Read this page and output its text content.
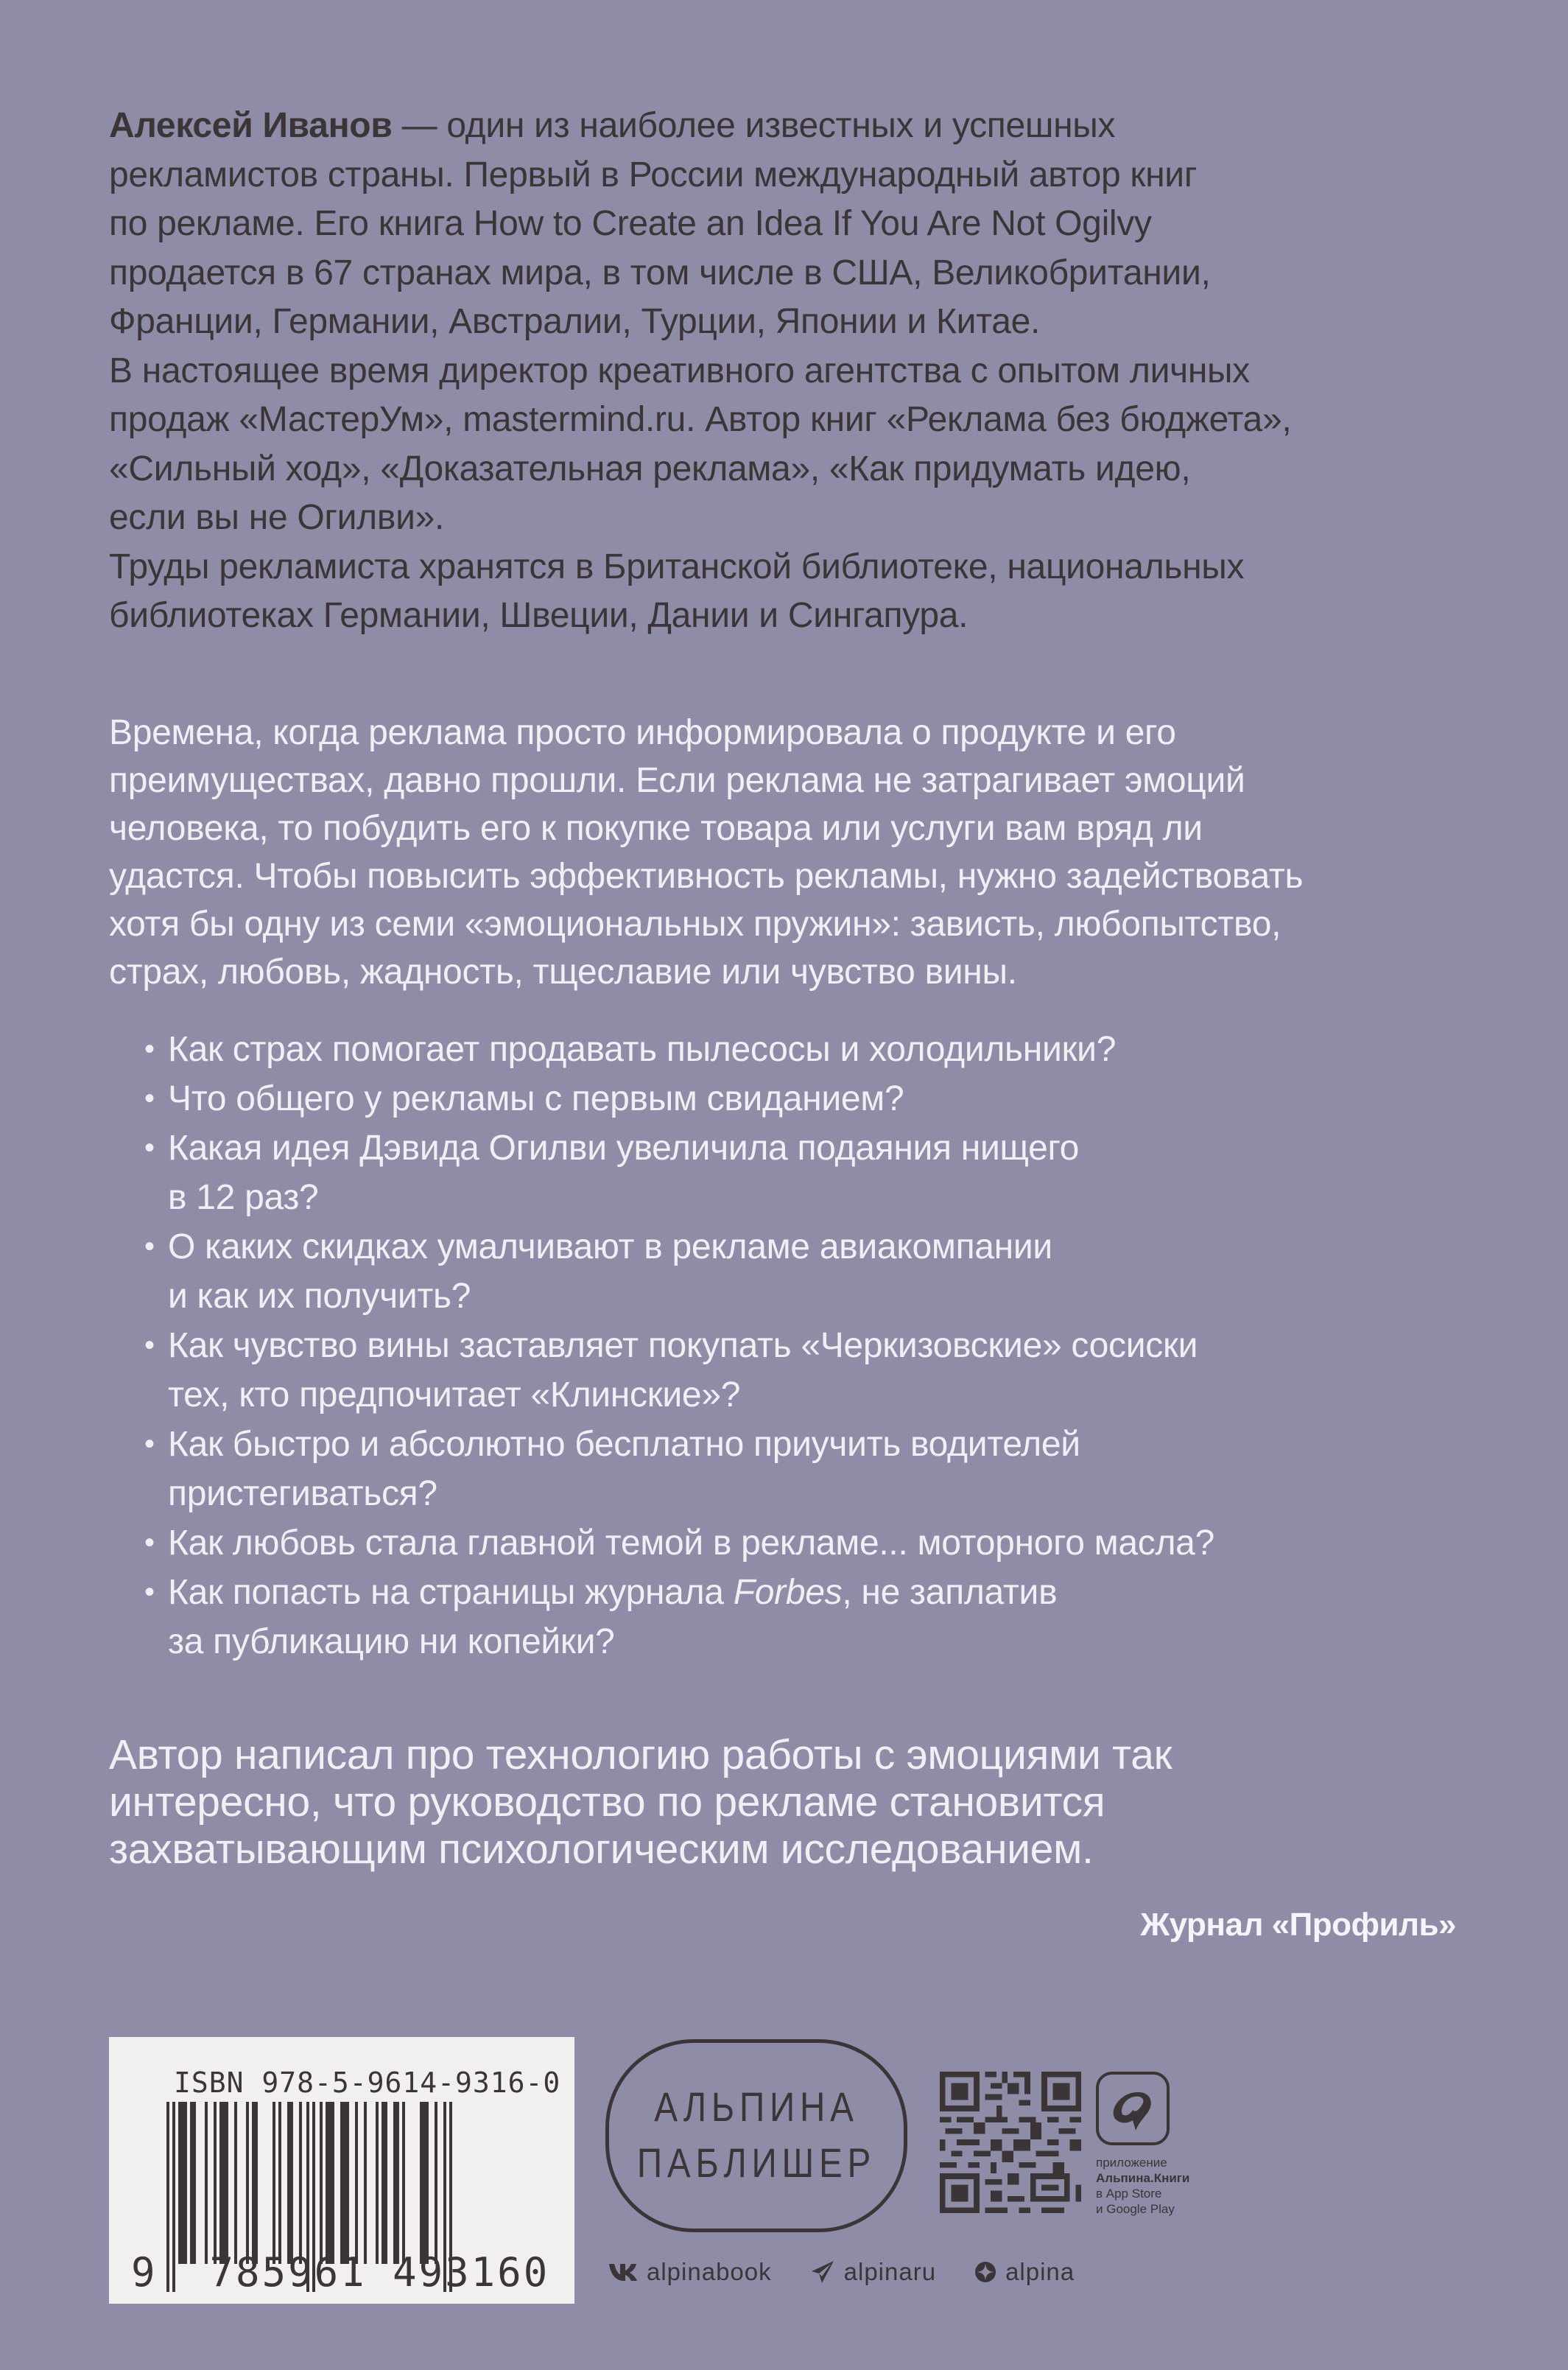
Алексей Иванов — один из наиболее известных и успешных
рекламистов страны. Первый в России международный автор книг
по рекламе. Его книга How to Create an Idea If You Are Not Ogilvy
продается в 67 странах мира, в том числе в США, Великобритании,
Франции, Германии, Австралии, Турции, Японии и Китае.
В настоящее время директор креативного агентства с опытом личных
продаж «МастерУм», mastermind.ru. Автор книг «Реклама без бюджета»,
«Сильный ход», «Доказательная реклама», «Как придумать идею,
если вы не Огилви».
Труды рекламиста хранятся в Британской библиотеке, национальных
библиотеках Германии, Швеции, Дании и Сингапура.
Времена, когда реклама просто информировала о продукте и его
преимуществах, давно прошли. Если реклама не затрагивает эмоций
человека, то побудить его к покупке товара или услуги вам вряд ли
удастся. Чтобы повысить эффективность рекламы, нужно задействовать
хотя бы одну из семи «эмоциональных пружин»: зависть, любопытство,
страх, любовь, жадность, тщеславие или чувство вины.
• Как страх помогает продавать пылесосы и холодильники?
• Что общего у рекламы с первым свиданием?
• Какая идея Дэвида Огилви увеличила подаяния нищего
в 12 раз?
• О каких скидках умалчивают в рекламе авиакомпании
и как их получить?
• Как чувство вины заставляет покупать «Черкизовские» сосиски
тех, кто предпочитает «Клинские»?
• Как быстро и абсолютно бесплатно приучить водителей
пристегиваться?
• Как любовь стала главной темой в рекламе... моторного масла?
• Как попасть на страницы журнала Forbes, не заплатив
за публикацию ни копейки?
Автор написал про технологию работы с эмоциями так
интересно, что руководство по рекламе становится
захватывающим психологическим исследованием.
Журнал «Профиль»
ISBN 978-5-9614-9316-0
9 785961 493160
АЛЬПИНА
ПАБЛИШЕР	приложение
Альпина.Книги
в App Store
и Google Play
alpinabook	alpinaru	alpina
